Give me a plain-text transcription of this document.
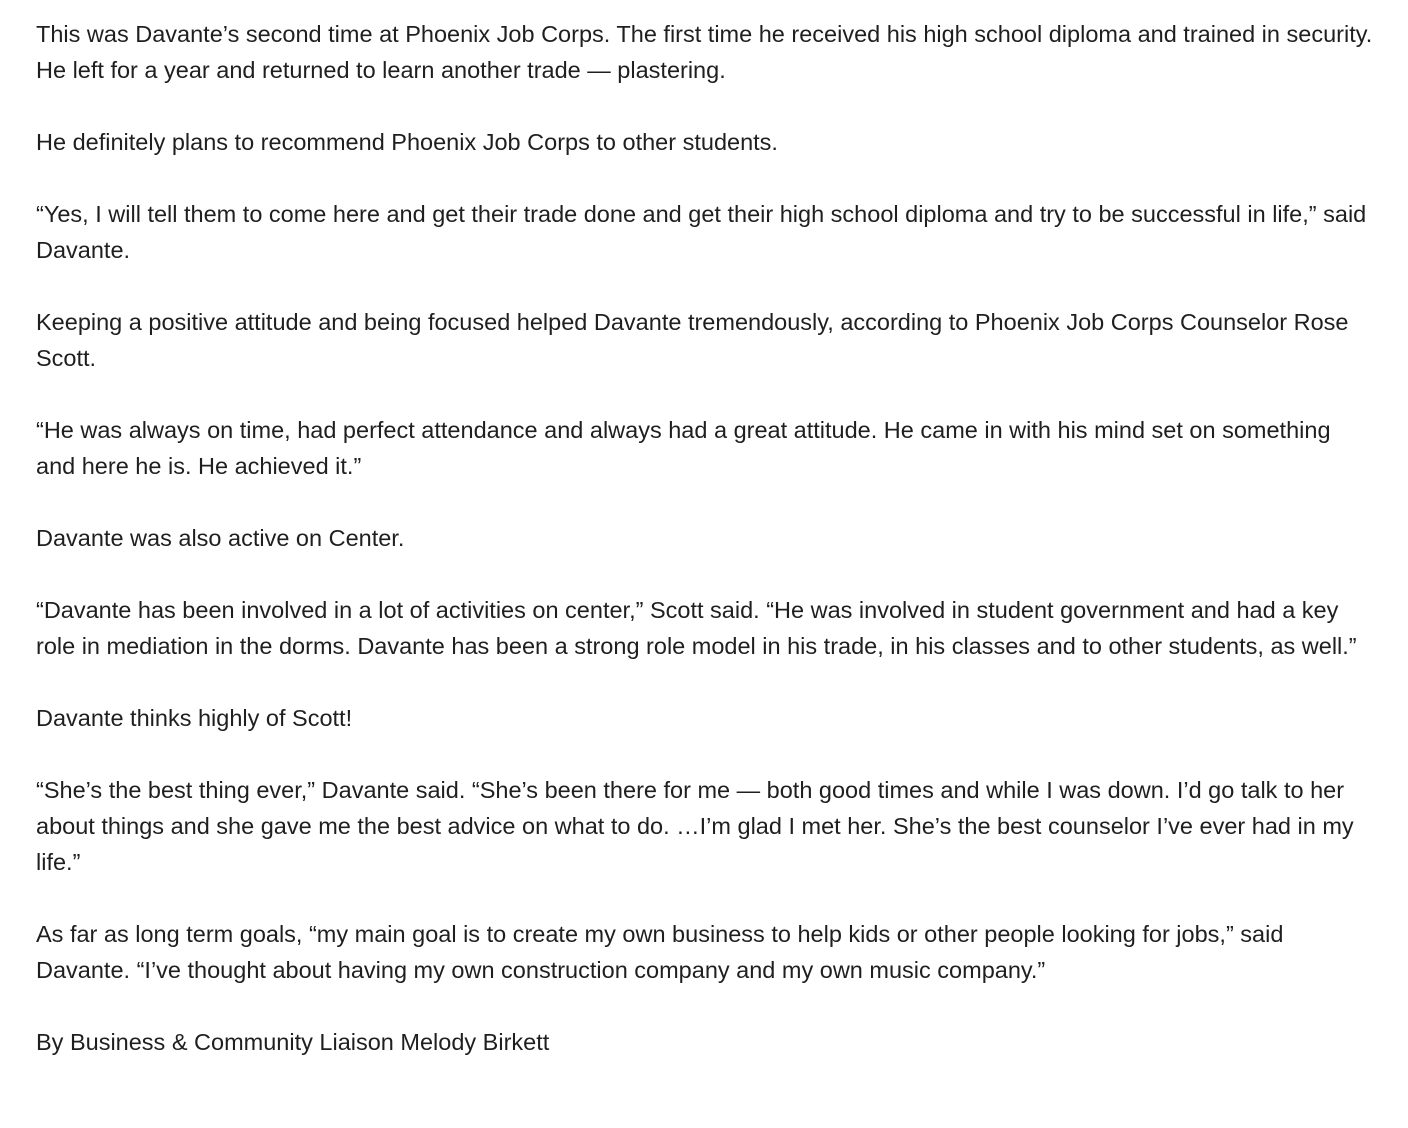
This was Davante’s second time at Phoenix Job Corps. The first time he received his high school diploma and trained in security. He left for a year and returned to learn another trade — plastering.

He definitely plans to recommend Phoenix Job Corps to other students.

“Yes, I will tell them to come here and get their trade done and get their high school diploma and try to be successful in life,” said Davante.

Keeping a positive attitude and being focused helped Davante tremendously, according to Phoenix Job Corps Counselor Rose Scott.

“He was always on time, had perfect attendance and always had a great attitude. He came in with his mind set on something and here he is. He achieved it.”

Davante was also active on Center.

“Davante has been involved in a lot of activities on center,” Scott said. “He was involved in student government and had a key role in mediation in the dorms. Davante has been a strong role model in his trade, in his classes and to other students, as well.”

Davante thinks highly of Scott!

“She’s the best thing ever,” Davante said. “She’s been there for me — both good times and while I was down. I’d go talk to her about things and she gave me the best advice on what to do. …I’m glad I met her. She’s the best counselor I’ve ever had in my life.”

As far as long term goals, “my main goal is to create my own business to help kids or other people looking for jobs,” said Davante. “I’ve thought about having my own construction company and my own music company.”

By Business & Community Liaison Melody Birkett
